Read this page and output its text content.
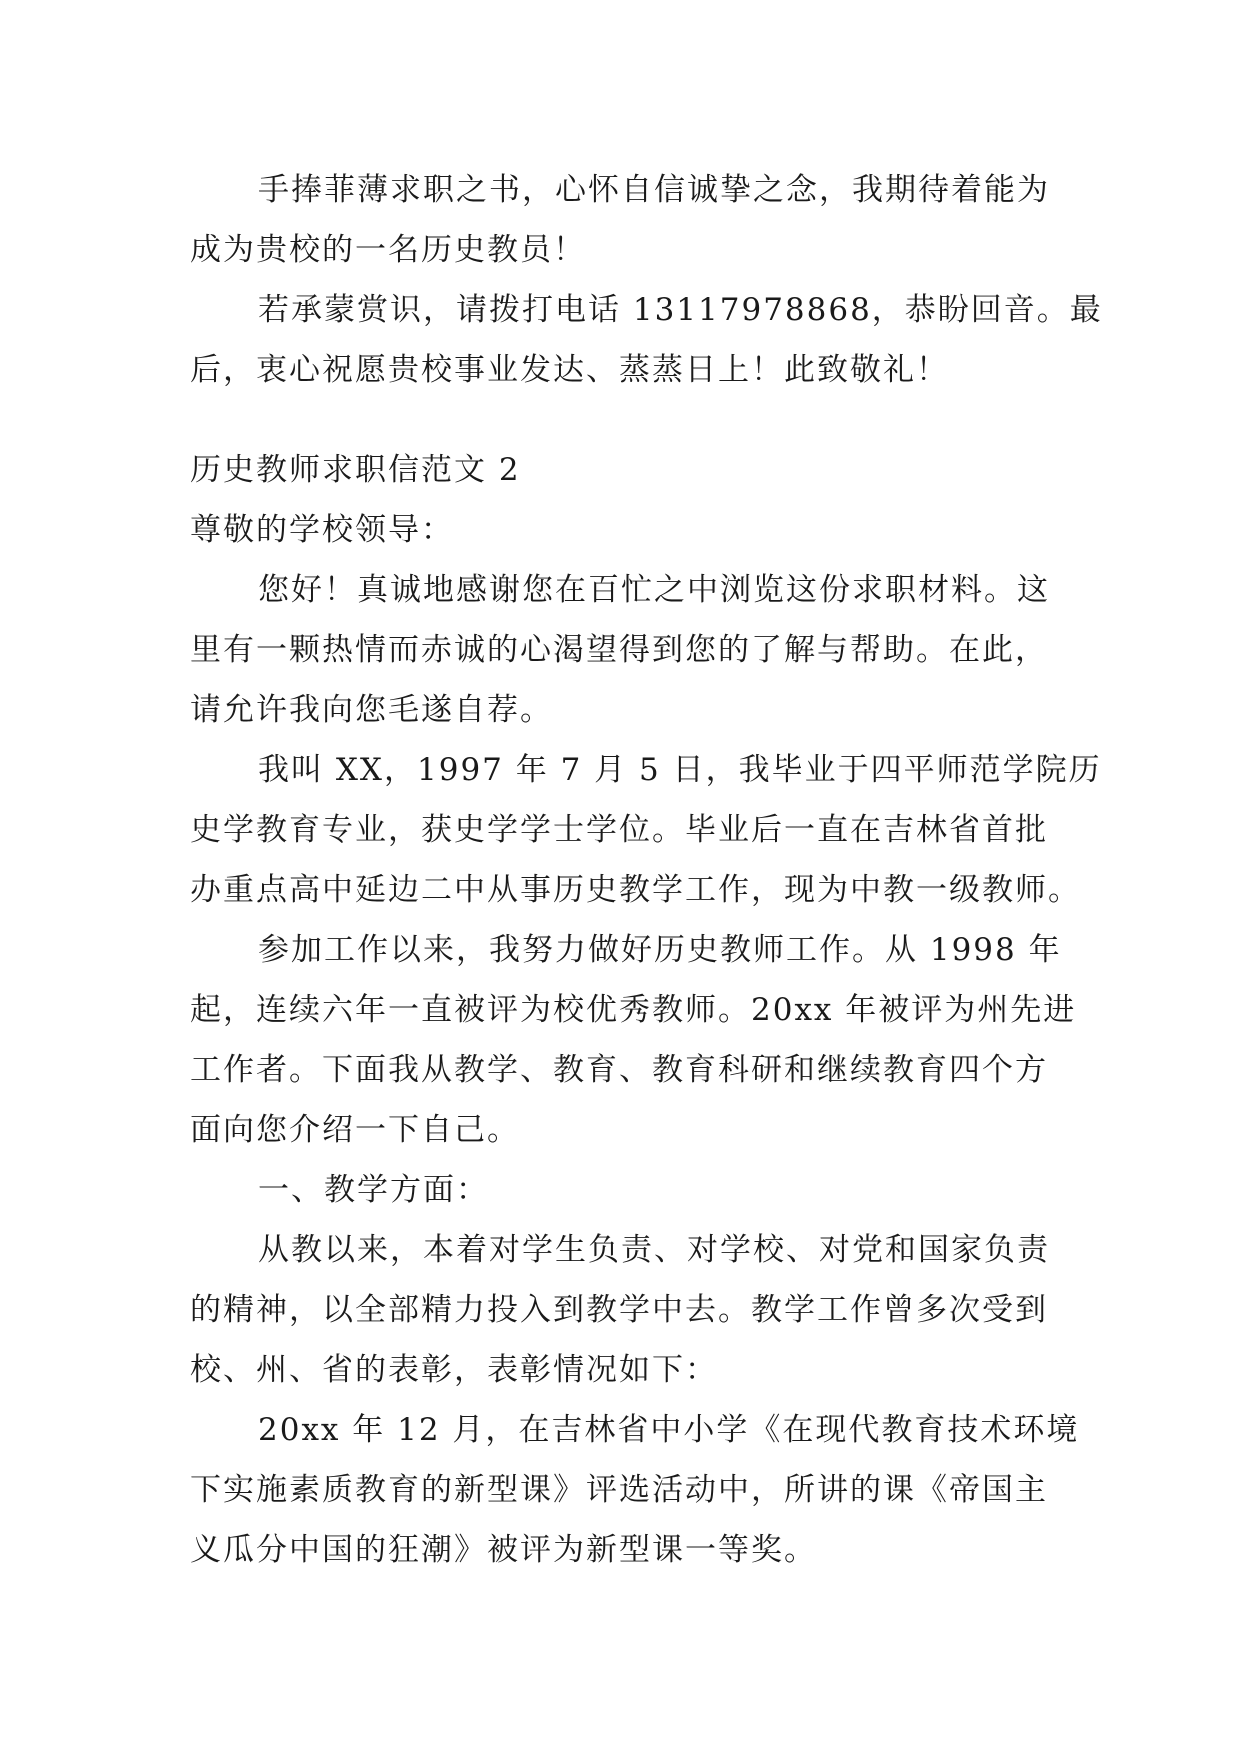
手捧菲薄求职之书，心怀自信诚挚之念，我期待着能为
成为贵校的一名历史教员！
若承蒙赏识，请拨打电话 13117978868，恭盼回音。最
后，衷心祝愿贵校事业发达、蒸蒸日上！此致敬礼！
历史教师求职信范文 2
尊敬的学校领导：
您好！真诚地感谢您在百忙之中浏览这份求职材料。这
里有一颗热情而赤诚的心渴望得到您的了解与帮助。在此，
请允许我向您毛遂自荐。
我叫 XX，1997 年 7 月 5 日，我毕业于四平师范学院历
史学教育专业，获史学学士学位。毕业后一直在吉林省首批
办重点高中延边二中从事历史教学工作，现为中教一级教师。
参加工作以来，我努力做好历史教师工作。从 1998 年
起，连续六年一直被评为校优秀教师。20xx 年被评为州先进
工作者。下面我从教学、教育、教育科研和继续教育四个方
面向您介绍一下自己。
一、教学方面：
从教以来，本着对学生负责、对学校、对党和国家负责
的精神，以全部精力投入到教学中去。教学工作曾多次受到
校、州、省的表彰，表彰情况如下：
20xx 年 12 月，在吉林省中小学《在现代教育技术环境
下实施素质教育的新型课》评选活动中，所讲的课《帝国主
义瓜分中国的狂潮》被评为新型课一等奖。
